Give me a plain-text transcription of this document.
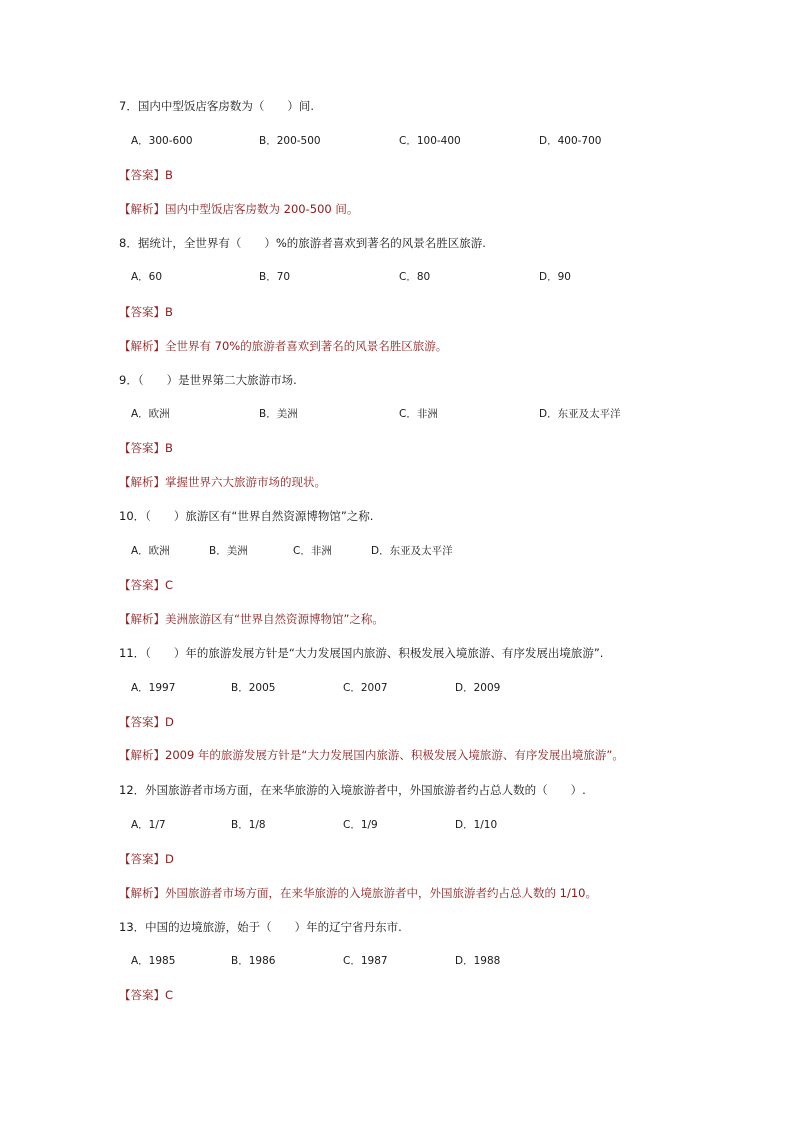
7．国内中型饭店客房数为（　　）间.
A．300-600	B．200-500	C．100-400	D．400-700
【答案】B
【解析】国内中型饭店客房数为 200-500 间。
8．据统计，全世界有（　　）%的旅游者喜欢到著名的风景名胜区旅游.
A．60	B．70	C．80	D．90
【答案】B
【解析】全世界有 70%的旅游者喜欢到著名的风景名胜区旅游。
9．（　　）是世界第二大旅游市场.
A．欧洲	B．美洲	C．非洲	D．东亚及太平洋
【答案】B
【解析】掌握世界六大旅游市场的现状。
10．（　　）旅游区有“世界自然资源博物馆”之称.
A．欧洲	B．美洲	C．非洲	D．东亚及太平洋
【答案】C
【解析】美洲旅游区有“世界自然资源博物馆”之称。
11．（　　）年的旅游发展方针是“大力发展国内旅游、积极发展入境旅游、有序发展出境旅游”.
A．1997	B．2005	C．2007	D．2009
【答案】D
【解析】2009 年的旅游发展方针是“大力发展国内旅游、积极发展入境旅游、有序发展出境旅游”。
12．外国旅游者市场方面，在来华旅游的入境旅游者中，外国旅游者约占总人数的（　　）.
A．1/7	B．1/8	C．1/9	D．1/10
【答案】D
【解析】外国旅游者市场方面，在来华旅游的入境旅游者中，外国旅游者约占总人数的 1/10。
13．中国的边境旅游，始于（　　）年的辽宁省丹东市.
A．1985	B．1986	C．1987	D．1988
【答案】C
